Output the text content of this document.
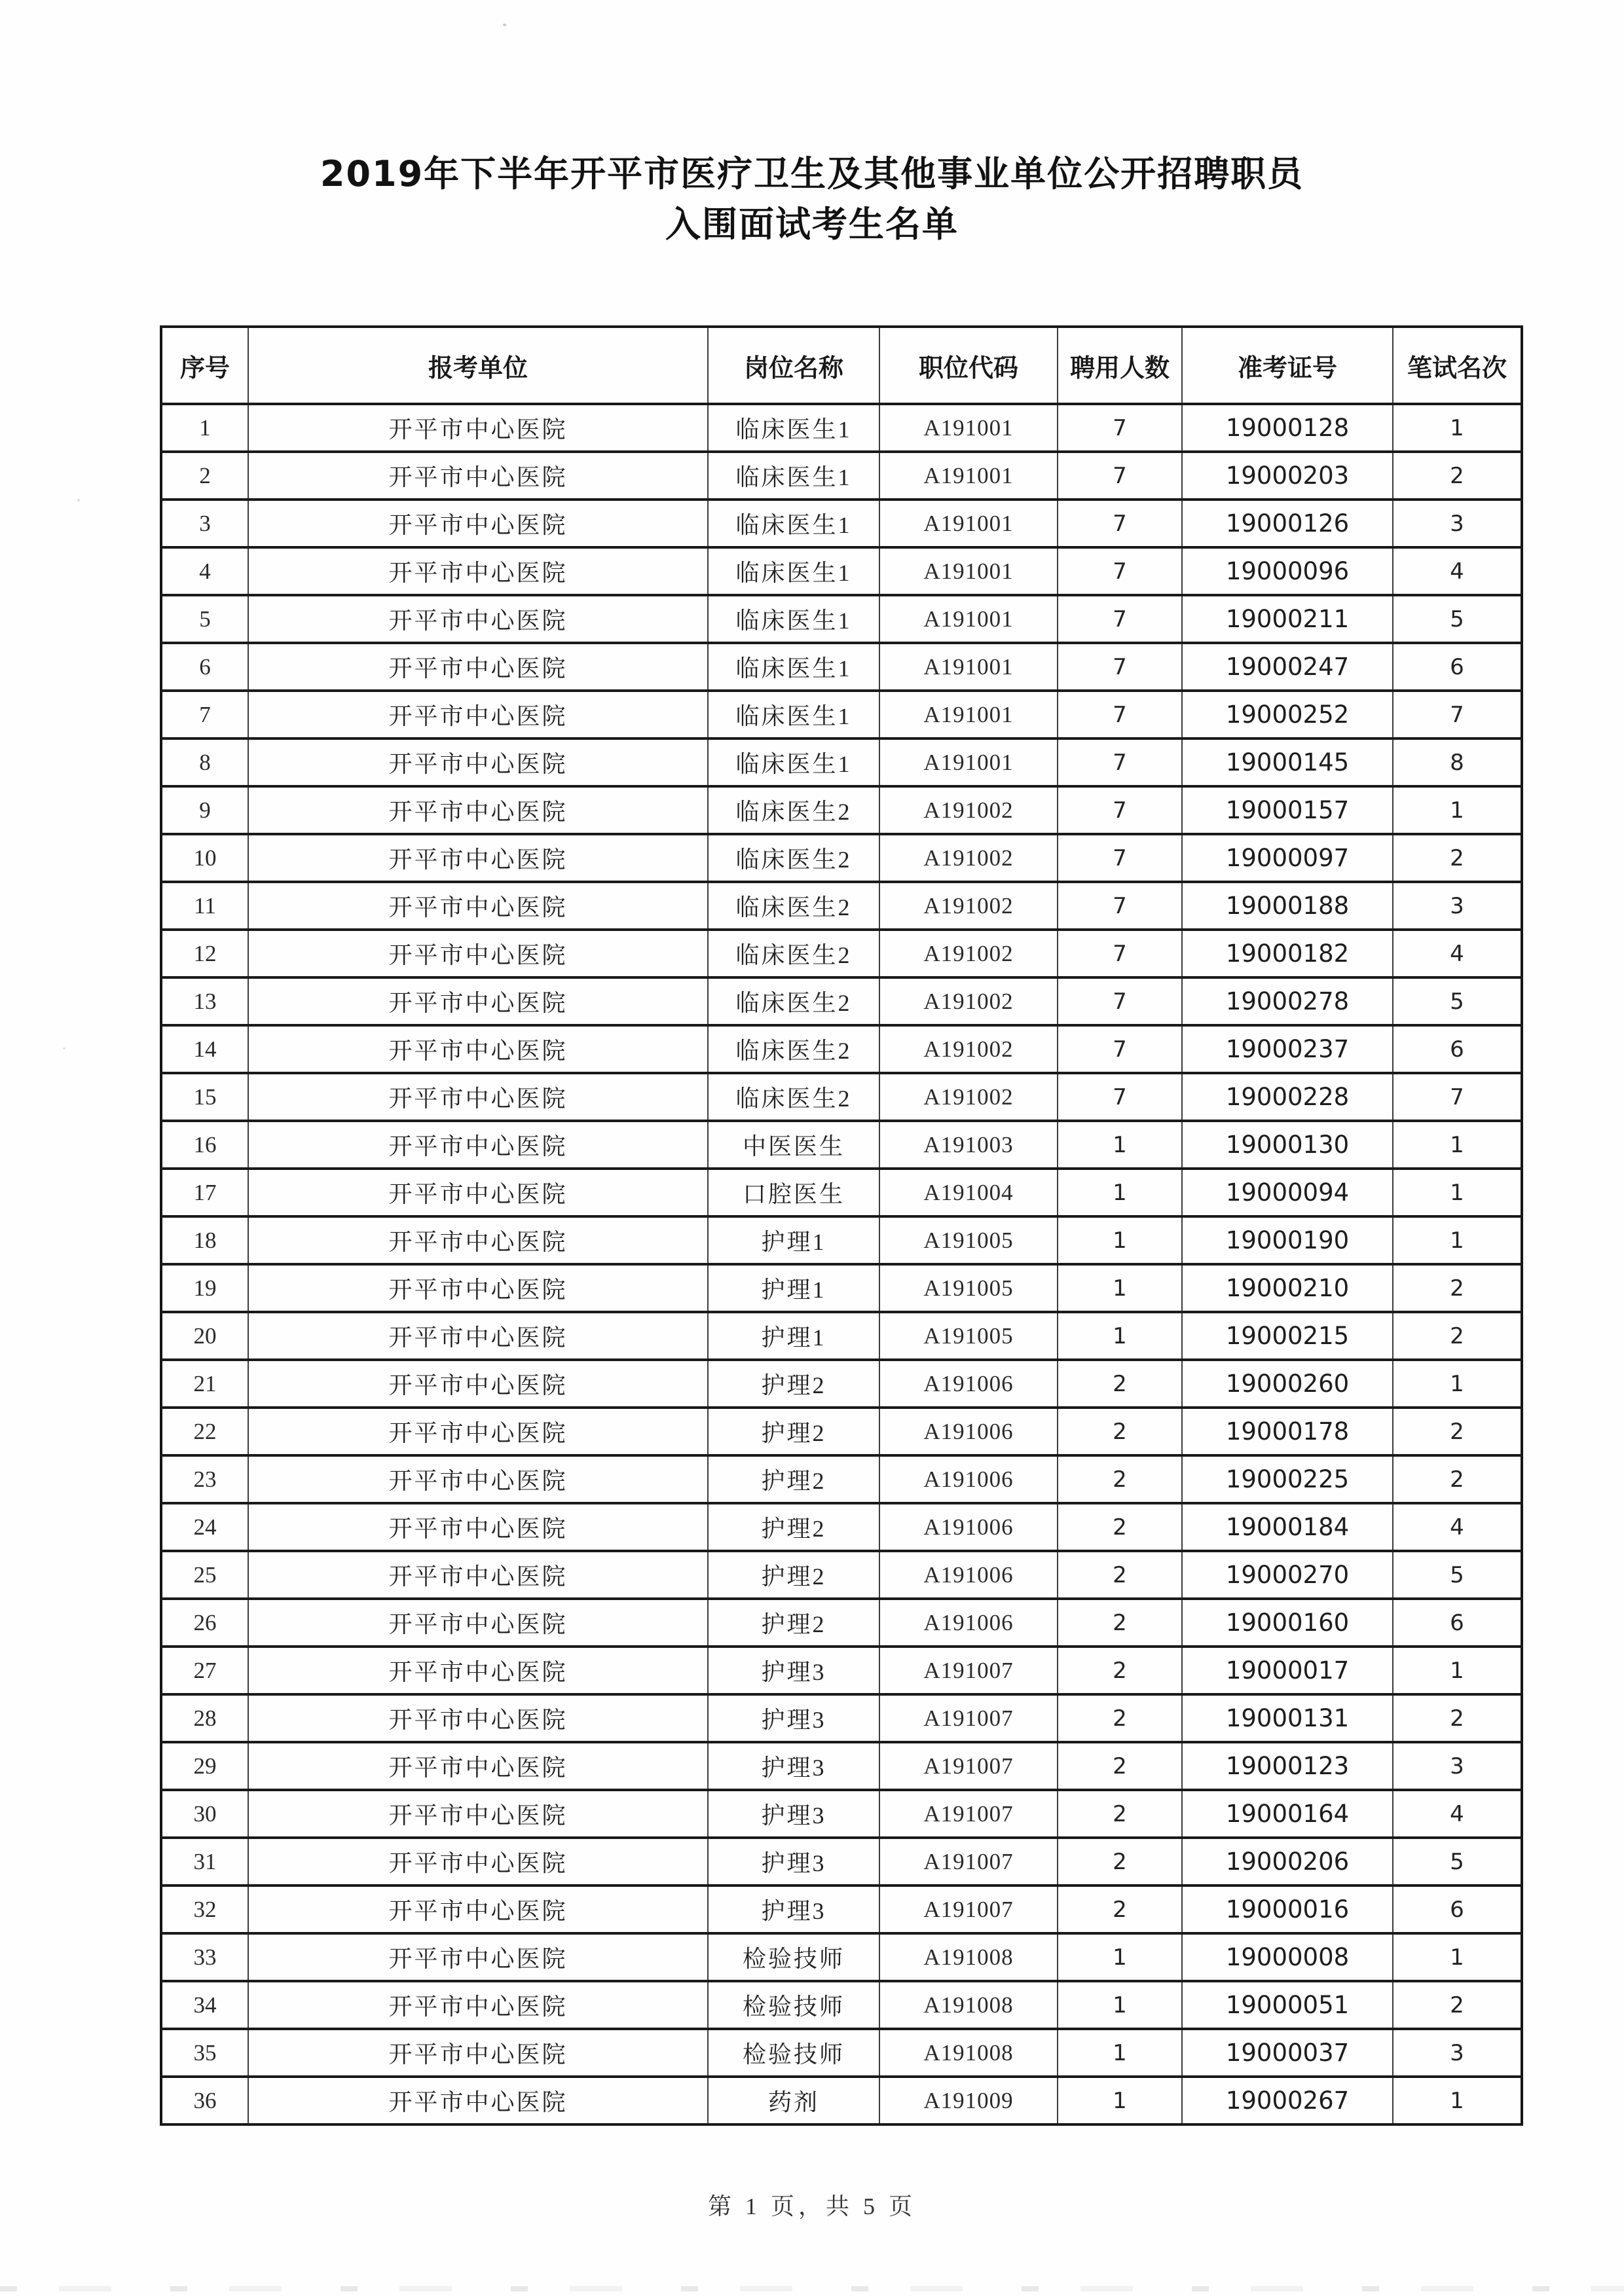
2019年下半年开平市医疗卫生及其他事业单位公开招聘职员
入围面试考生名单
序号	报考单位	岗位名称	职位代码	聘用人数	准考证号	笔试名次
1	开平市中心医院	临床医生1	A191001	7	19000128	1
2	开平市中心医院	临床医生1	A191001	7	19000203	2
3	开平市中心医院	临床医生1	A191001	7	19000126	3
4	开平市中心医院	临床医生1	A191001	7	19000096	4
5	开平市中心医院	临床医生1	A191001	7	19000211	5
6	开平市中心医院	临床医生1	A191001	7	19000247	6
7	开平市中心医院	临床医生1	A191001	7	19000252	7
8	开平市中心医院	临床医生1	A191001	7	19000145	8
9	开平市中心医院	临床医生2	A191002	7	19000157	1
10	开平市中心医院	临床医生2	A191002	7	19000097	2
11	开平市中心医院	临床医生2	A191002	7	19000188	3
12	开平市中心医院	临床医生2	A191002	7	19000182	4
13	开平市中心医院	临床医生2	A191002	7	19000278	5
14	开平市中心医院	临床医生2	A191002	7	19000237	6
15	开平市中心医院	临床医生2	A191002	7	19000228	7
16	开平市中心医院	中医医生	A191003	1	19000130	1
17	开平市中心医院	口腔医生	A191004	1	19000094	1
18	开平市中心医院	护理1	A191005	1	19000190	1
19	开平市中心医院	护理1	A191005	1	19000210	2
20	开平市中心医院	护理1	A191005	1	19000215	2
21	开平市中心医院	护理2	A191006	2	19000260	1
22	开平市中心医院	护理2	A191006	2	19000178	2
23	开平市中心医院	护理2	A191006	2	19000225	2
24	开平市中心医院	护理2	A191006	2	19000184	4
25	开平市中心医院	护理2	A191006	2	19000270	5
26	开平市中心医院	护理2	A191006	2	19000160	6
27	开平市中心医院	护理3	A191007	2	19000017	1
28	开平市中心医院	护理3	A191007	2	19000131	2
29	开平市中心医院	护理3	A191007	2	19000123	3
30	开平市中心医院	护理3	A191007	2	19000164	4
31	开平市中心医院	护理3	A191007	2	19000206	5
32	开平市中心医院	护理3	A191007	2	19000016	6
33	开平市中心医院	检验技师	A191008	1	19000008	1
34	开平市中心医院	检验技师	A191008	1	19000051	2
35	开平市中心医院	检验技师	A191008	1	19000037	3
36	开平市中心医院	药剂	A191009	1	19000267	1
第 1 页，共 5 页
